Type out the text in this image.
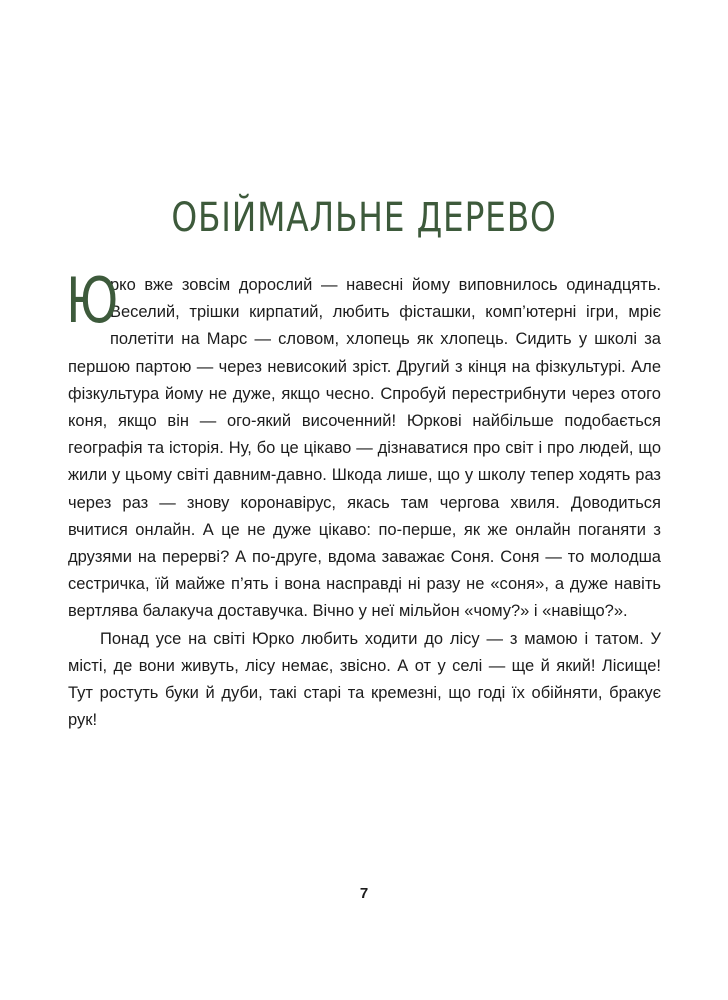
ОБІЙМАЛЬНЕ ДЕРЕВО

Ю
рко вже зовсім дорослий — навесні йому виповнилось одинадцять. Веселий, трішки кирпатий, любить фісташки, комп’ютерні ігри, мріє полетіти на Марс — словом, хлопець як хлопець. Сидить у школі за першою партою — через невисокий зріст. Другий з кінця на фізкультурі. Але фізкультура йому не дуже, якщо чесно. Спробуй перестрибнути через отого коня, якщо він — ого-який височенний! Юркові найбільше подобається географія та історія. Ну, бо це цікаво — дізнаватися про світ і про людей, що жили у цьому світі давним-давно. Шкода лише, що у школу тепер ходять раз через раз — знову коронавірус, якась там чергова хвиля. Доводиться вчитися онлайн. А це не дуже цікаво: по-перше, як же онлайн поганяти з друзями на перерві? А по-друге, вдома заважає Соня. Соня — то молодша сестричка, їй майже п’ять і вона насправді ні разу не «соня», а дуже навіть вертлява балакуча доставучка. Вічно у неї мільйон «чому?» і «навіщо?».

Понад усе на світі Юрко любить ходити до лісу — з мамою і татом. У місті, де вони живуть, лісу немає, звісно. А от у селі — ще й який! Лісище! Тут ростуть буки й дуби, такі старі та кремезні, що годі їх обійняти, бракує рук!

7
